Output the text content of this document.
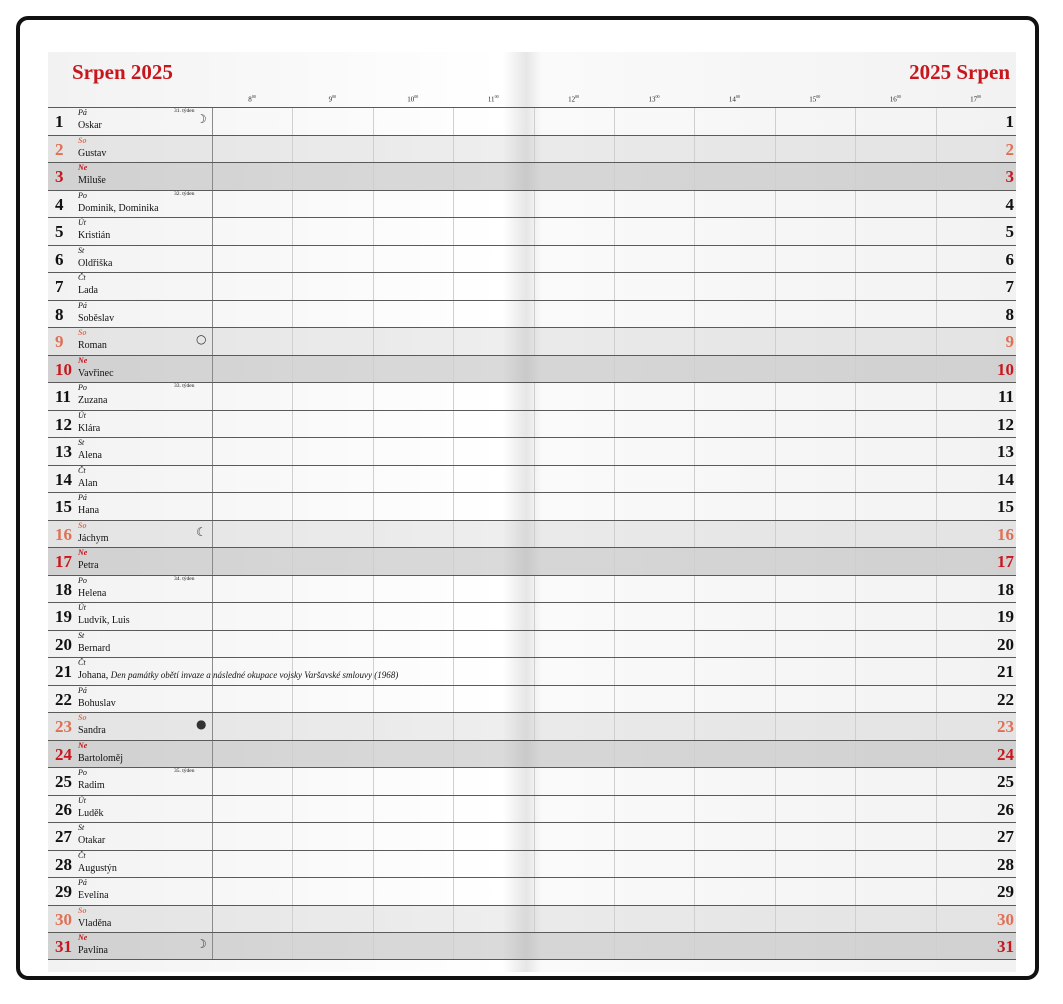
Srpen 2025	2025 Srpen
$8^{00}$	$9^{00}$	$10^{00}$	$11^{00}$	$12^{00}$	$13^{00}$	$14^{00}$	$15^{00}$	$16^{00}$	$17^{00}$
1 Pá
Oskar
31. týden
☽	1
2 So
Gustav	2
3 Ne
Miluše	3
4 Po
Dominik, Dominika
32. týden
4
5 Út
Kristián	5
6 St
Oldřiška	6
7 Čt
Lada	7
8 Pá
Soběslav	8
9 So
Roman	○	9
10 Ne
Vavřinec	10
11 Po
Zuzana
33. týden
11
12 Út
Klára	12
13 St
Alena	13
14 Čt
Alan	14
15 Pá
Hana	15
16 So
Jáchym	☾	16
17 Ne
Petra	17
18 Po
Helena
34. týden
18
19 Út
Ludvík, Luis	19
20 St
Bernard	20
21 Čt
Johana, Den památky obětí invaze a následné okupace vojsky Varšavské smlouvy (1968)	21
22 Pá
Bohuslav	22
23 So
Sandra	●	23
24 Ne
Bartoloměj	24
25 Po
Radim
35. týden
25
26 Út
Luděk	26
27 St
Otakar	27
28 Čt
Augustýn	28
29 Pá
Evelína	29
30 So
Vladěna	30
31 Ne
Pavlína	☽	31
